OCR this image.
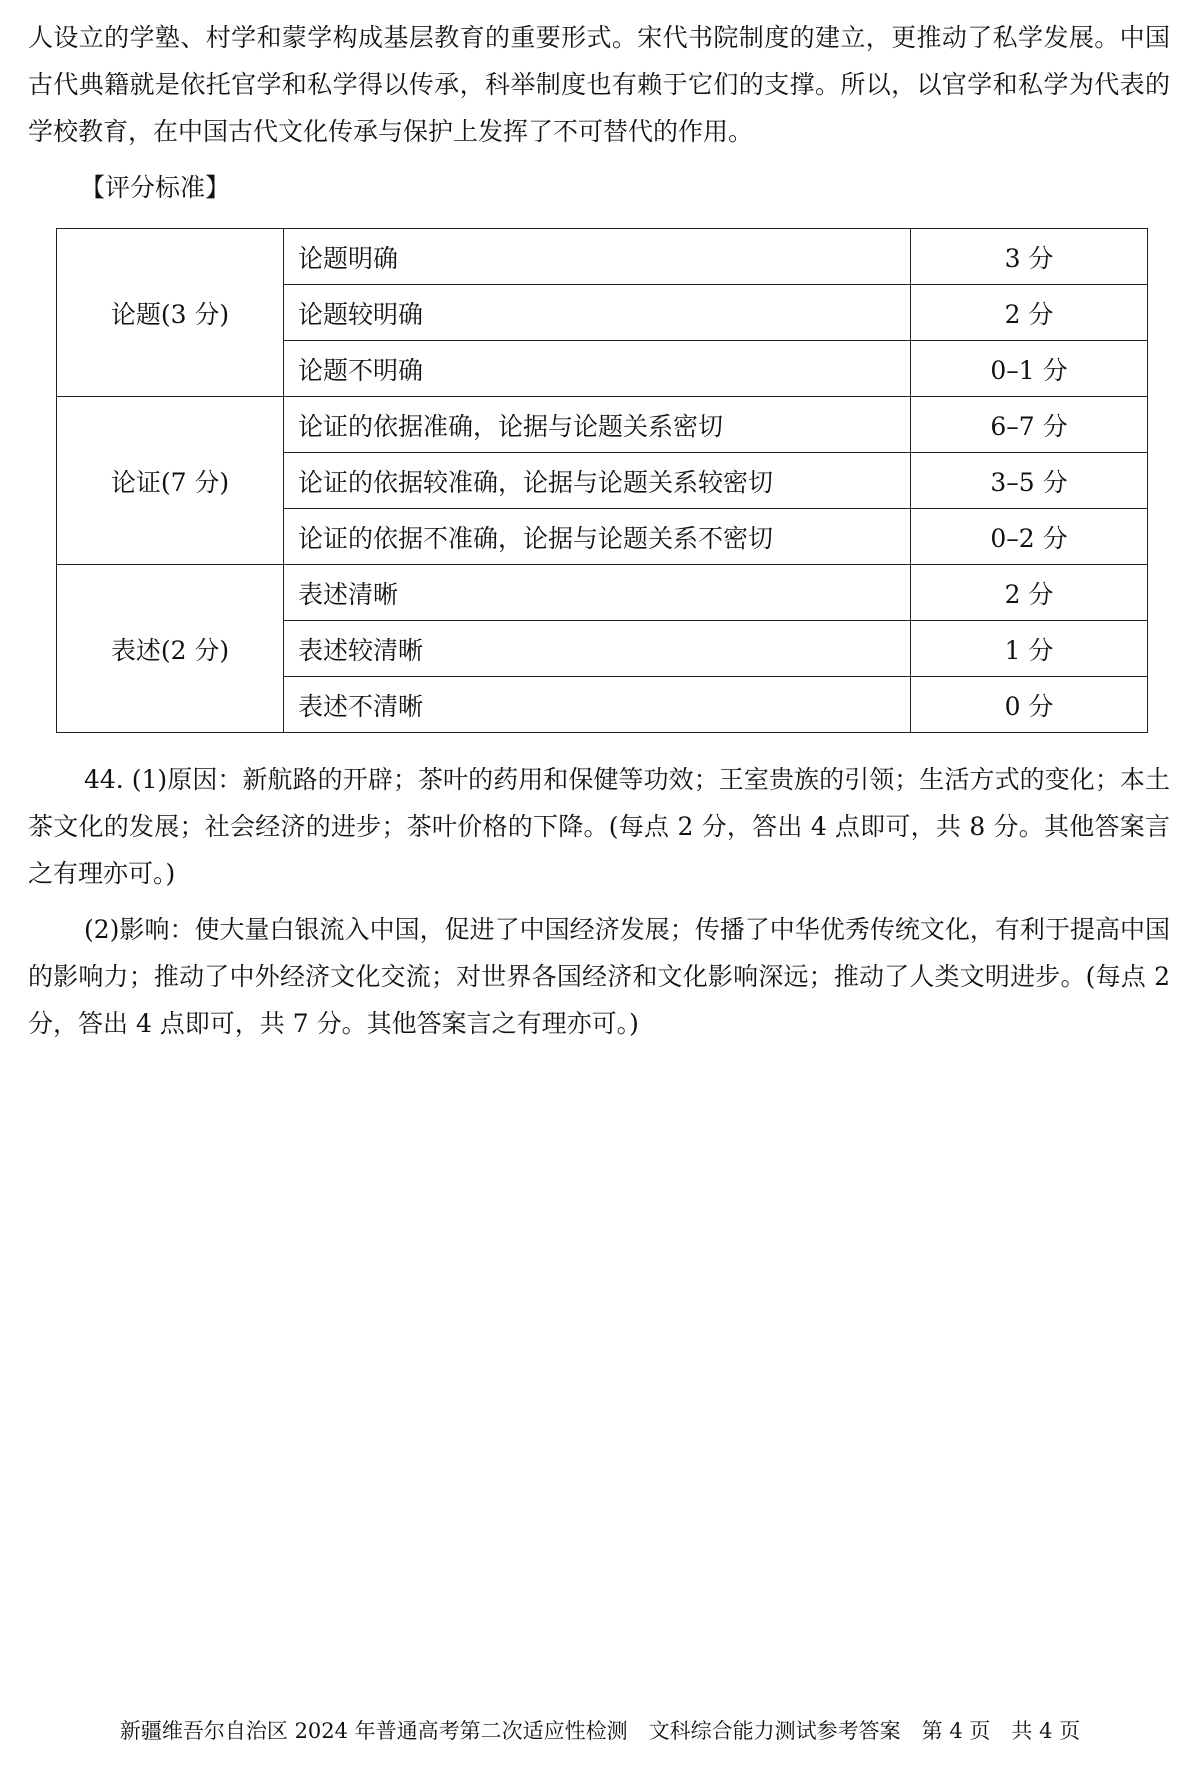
人设立的学塾、村学和蒙学构成基层教育的重要形式。宋代书院制度的建立，更推动了私学发展。中国古代典籍就是依托官学和私学得以传承，科举制度也有赖于它们的支撑。所以，以官学和私学为代表的学校教育，在中国古代文化传承与保护上发挥了不可替代的作用。
【评分标准】
论题(3 分)	论题明确	3 分
	论题较明确	2 分
	论题不明确	0–1 分
论证(7 分)	论证的依据准确，论据与论题关系密切	6–7 分
	论证的依据较准确，论据与论题关系较密切	3–5 分
	论证的依据不准确，论据与论题关系不密切	0–2 分
表述(2 分)	表述清晰	2 分
	表述较清晰	1 分
	表述不清晰	0 分
44. (1)原因：新航路的开辟；茶叶的药用和保健等功效；王室贵族的引领；生活方式的变化；本土茶文化的发展；社会经济的进步；茶叶价格的下降。(每点 2 分，答出 4 点即可，共 8 分。其他答案言之有理亦可。)
(2)影响：使大量白银流入中国，促进了中国经济发展；传播了中华优秀传统文化，有利于提高中国的影响力；推动了中外经济文化交流；对世界各国经济和文化影响深远；推动了人类文明进步。(每点 2 分，答出 4 点即可，共 7 分。其他答案言之有理亦可。)
新疆维吾尔自治区 2024 年普通高考第二次适应性检测　文科综合能力测试参考答案　第 4 页　共 4 页
